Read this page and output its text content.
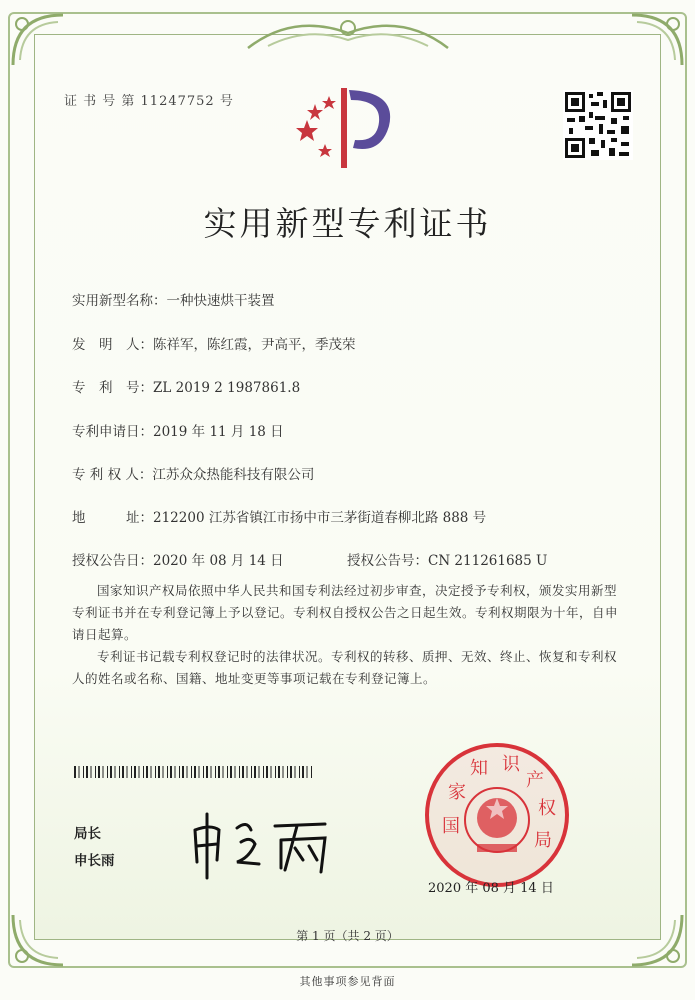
证 书 号 第 11247752 号
实用新型专利证书
实用新型名称：一种快速烘干装置
发　明　人：陈祥军，陈红霞，尹高平，季茂荣
专　利　号：ZL 2019 2 1987861.8
专利申请日：2019 年 11 月 18 日
专 利 权 人：江苏众众热能科技有限公司
地　　　址：212200 江苏省镇江市扬中市三茅街道春柳北路 888 号
授权公告日：2020 年 08 月 14 日	授权公告号：CN 211261685 U
国家知识产权局依照中华人民共和国专利法经过初步审查，决定授予专利权，颁发实用新型专利证书并在专利登记簿上予以登记。专利权自授权公告之日起生效。专利权期限为十年，自申请日起算。
专利证书记载专利权登记时的法律状况。专利权的转移、质押、无效、终止、恢复和专利权人的姓名或名称、国籍、地址变更等事项记载在专利登记簿上。
局长
申长雨
国
家
知 识
产
权
局
2020 年 08 月 14 日
第 1 页（共 2 页）
其他事项参见背面
